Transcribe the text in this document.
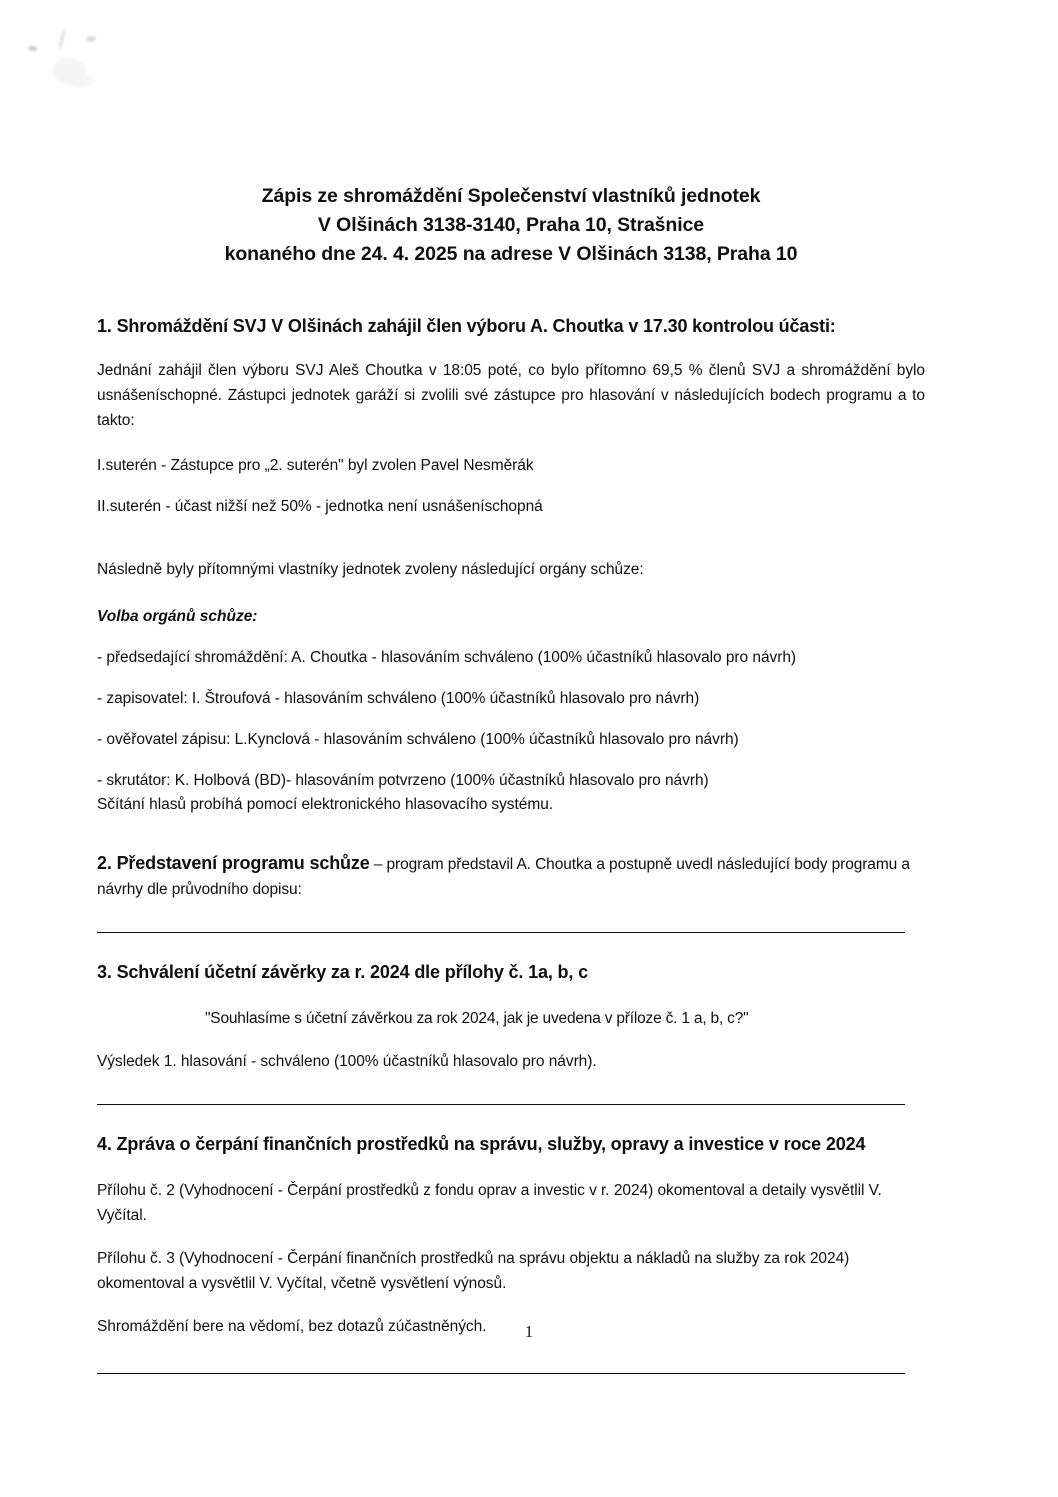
Zápis ze shromáždění Společenství vlastníků jednotek
V Olšinách 3138-3140, Praha 10, Strašnice
konaného dne 24. 4. 2025 na adrese V Olšinách 3138, Praha 10
1. Shromáždění SVJ V Olšinách zahájil člen výboru A. Choutka v 17.30 kontrolou účasti:
Jednání zahájil člen výboru SVJ Aleš Choutka v 18:05 poté, co bylo přítomno 69,5 % členů SVJ a shromáždění bylo usnášeníschopné. Zástupci jednotek garáží si zvolili své zástupce pro hlasování v následujících bodech programu a to takto:
I.suterén - Zástupce pro „2. suterén" byl zvolen Pavel Nesměrák
II.suterén - účast nižší než 50% - jednotka není usnášeníschopná
Následně byly přítomnými vlastníky jednotek zvoleny následující orgány schůze:
Volba orgánů schůze:
- předsedající shromáždění: A. Choutka - hlasováním schváleno (100% účastníků hlasovalo pro návrh)
- zapisovatel: I. Štroufová - hlasováním schváleno (100% účastníků hlasovalo pro návrh)
- ověřovatel zápisu: L.Kynclová - hlasováním schváleno (100% účastníků hlasovalo pro návrh)
- skrutátor: K. Holbová (BD)- hlasováním potvrzeno (100% účastníků hlasovalo pro návrh)
Sčítání hlasů probíhá pomocí elektronického hlasovacího systému.
2. Představení programu schůze – program představil A. Choutka a postupně uvedl následující body programu a návrhy dle průvodního dopisu:
3. Schválení účetní závěrky za r. 2024 dle přílohy č. 1a, b, c
"Souhlasíme s účetní závěrkou za rok 2024, jak je uvedena v příloze č. 1 a, b, c?"
Výsledek 1. hlasování - schváleno (100% účastníků hlasovalo pro návrh).
4. Zpráva o čerpání finančních prostředků na správu, služby, opravy a investice v roce 2024
Přílohu č. 2 (Vyhodnocení - Čerpání prostředků z fondu oprav a investic v r. 2024) okomentoval a detaily vysvětlil V. Vyčítal.
Přílohu č. 3 (Vyhodnocení - Čerpání finančních prostředků na správu objektu a nákladů na služby za rok 2024) okomentoval a vysvětlil V. Vyčítal, včetně vysvětlení výnosů.
Shromáždění bere na vědomí, bez dotazů zúčastněných.	1
